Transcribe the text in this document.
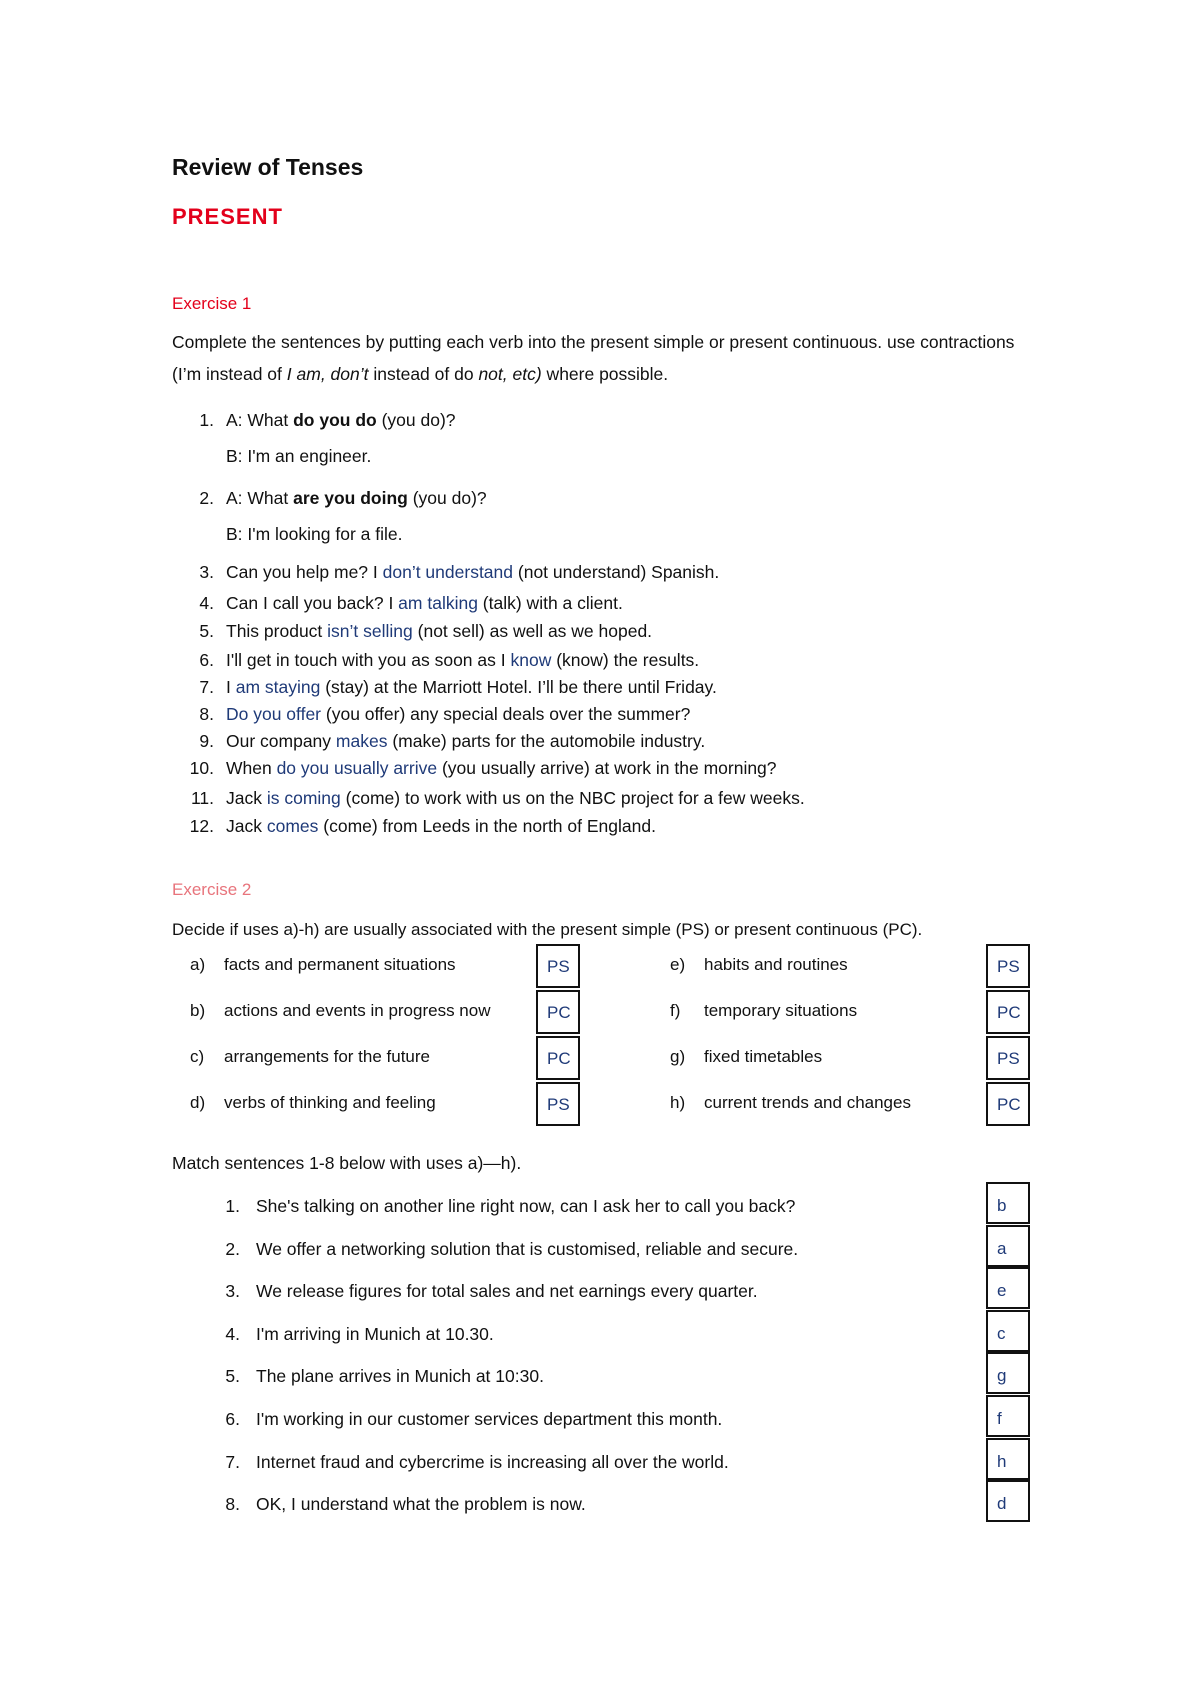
Review of Tenses
PRESENT
Exercise 1
Complete the sentences by putting each verb into the present simple or present continuous. use contractions (I’m instead of I am, don’t instead of do not, etc) where possible.
1. A: What do you do (you do)?
2. A: What are you doing (you do)?
3. Can you help me? I don’t understand (not understand) Spanish.
4. Can I call you back? I am talking (talk) with a client.
5. This product isn’t selling (not sell) as well as we hoped.
6. I'll get in touch with you as soon as I know (know) the results.
7. I am staying (stay) at the Marriott Hotel. I’ll be there until Friday.
8. Do you offer (you offer) any special deals over the summer?
9. Our company makes (make) parts for the automobile industry.
10. When do you usually arrive (you usually arrive) at work in the morning?
11. Jack is coming (come) to work with us on the NBC project for a few weeks.
12. Jack comes (come) from Leeds in the north of England.
B: I'm an engineer.
B: I'm looking for a file.
Exercise 2
Decide if uses a)-h) are usually associated with the present simple (PS) or present continuous (PC).
a) facts and permanent situations	PS	e) habits and routines	PS
b) actions and events in progress now	PC	f) temporary situations	PC
c) arrangements for the future	PC	g) fixed timetables	PS
d) verbs of thinking and feeling	PS	h) current trends and changes	PC
Match sentences 1-8 below with uses a)—h).
1. She's talking on another line right now, can I ask her to call you back?	b
2. We offer a networking solution that is customised, reliable and secure.	a
3. We release figures for total sales and net earnings every quarter.	e
4. I'm arriving in Munich at 10.30.	c
5. The plane arrives in Munich at 10:30.	g
6. I'm working in our customer services department this month.	f
7. Internet fraud and cybercrime is increasing all over the world.	h
8. OK, I understand what the problem is now.	d
